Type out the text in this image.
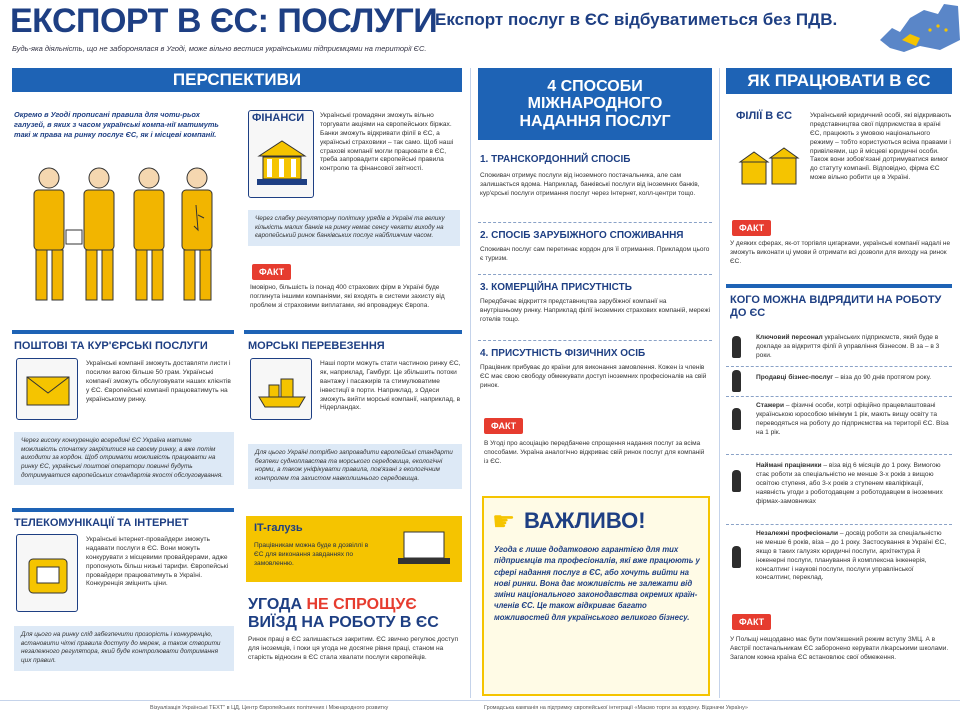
ЕКСПОРТ В ЄС: ПОСЛУГИ
Експорт послуг в ЄС відбуватиметься без ПДВ.
Будь-яка діяльність, що не заборонялася в Угоді, може вільно вестися українськими підприємцями на території ЄС.
ПЕРСПЕКТИВИ	4 СПОСОБИ МІЖНАРОДНОГО НАДАННЯ ПОСЛУГ
ЯК ПРАЦЮВАТИ В ЄС
Окремо в Угоді прописані правила для чоти-рьох галузей, в яких з часом українські компа-нії матимуть такі ж права на ринку послуг ЄС, як і місцеві компанії.
ФІНАНСИ Українські громадяни зможуть вільно торгувати акціями на європейських біржах. Банки зможуть відкривати філії в ЄС, а українські страховики – так само. Щоб наші страхові компанії могли працювати в ЄС, треба запровадити європейські правила контролю та фінансової звітності.
Через слабку регуляторну політику урядів в Україні та велику кількість малих банків на ринку немає сенсу чекати виходу на європейський ринок банківських послуг найближчим часом.
ФАКТ
Імовірно, більшість із понад 400 страхових фірм в Україні буде поглинута іншими компаніями, які входять в системи захисту від проблем зі страховими виплатами, які впроваджує Європа.
ПОШТОВІ ТА КУР'ЄРСЬКІ ПОСЛУГИ
Українські компанії зможуть доставляти листи і посилки вагою більше 50 грам. Українські компанії зможуть обслуговувати наших клієнтів у ЄС. Європейські компанії працюватимуть на українському ринку.
Через високу конкуренцію всередині ЄС Україна матиме можливість спочатку закріпитися на своєму ринку, а вже потім виходити за кордон. Щоб отримати можливість працювати на ринку ЄС, українські поштові оператори повинні будуть дотримуватися європейських стандартів якості обслуговування.
МОРСЬКІ ПЕРЕВЕЗЕННЯ
Наші порти можуть стати частиною ринку ЄС, як, наприклад, Гамбург. Це збільшить потоки вантажу і пасажирів та стимулюватиме інвестиції в порти. Наприклад, з Одеси зможуть вийти морські компанії, наприклад, в Нідерландах.
Для цього Україні потрібно запровадити європейські стандарти безпеки судноплавства та морського середовища, екологічні норми, а також уніфікувати правила, пов'язані з екологічним контролем та захистом навколишнього середовища.
ТЕЛЕКОМУНІКАЦІЇ ТА ІНТЕРНЕТ
Українські інтернет-провайдери зможуть надавати послуги в ЄС. Вони можуть конкурувати з місцевими провайдерами, адже пропонують більш низькі тарифи. Європейські провайдери працюватимуть в Україні. Конкуренція зміцнить ціни.
Для цього на ринку слід забезпечити прозорість і конкуренцію, встановити чіткі правила доступу до мереж, а також створити незалежного регулятора, який буде контролювати дотримання цих правил.
IT-галузь
Працівникам можна буде в дозвіллі в ЄС для виконання завданнях по замовленню.
УГОДА НЕ СПРОЩУЄ
ВИЇЗД НА РОБОТУ В ЄС
Ринок праці в ЄС залишається закритим. ЄС звично регулює доступ для іноземців, і поки ця угода не досягне рівня праці, станом на старість відносин в ЄС стала хвалати послуги європейців.
1. ТРАНСКОРДОННИЙ СПОСІБ
Споживач отримує послуги від іноземного постачальника, але сам залишається вдома. Наприклад, банківські послуги від іноземних банків, кур'єрські послуги отримання послуг через Інтернет, колл-центри тощо.
2. СПОСІБ ЗАРУБІЖНОГО СПОЖИВАННЯ
Споживач послуг сам перетинає кордон для її отримання. Прикладом цього є туризм.
3. КОМЕРЦІЙНА ПРИСУТНІСТЬ
Передбачає відкриття представництва зарубіжної компанії на внутрішньому ринку. Наприклад філії іноземних страхових компаній, мережі готелів тощо.
4. ПРИСУТНІСТЬ ФІЗИЧНИХ ОСІБ
Працівник прибуває до країни для виконання замовлення. Кожен із членів ЄС має свою свободу обмежувати доступ іноземних професіоналів на свій ринок.
ФАКТ
В Угоді про асоціацію передбачене спрощення надання послуг за всіма способами. Україна аналогічно відкриває свій ринок послуг для компаній із ЄС.
☛ ВАЖЛИВО!
Угода є лише додатковою гарантією для тих підприємців та професіоналів, які вже працюють у сфері надання послуг в ЄС, або хочуть вийти на нові ринки. Вона дає можливість не залежати від зміни національного законодавства окремих країн-членів ЄС. Це також відкриває багато можливостей для українського великого бізнесу.
ФІЛІЇ В ЄС	Український юридичний особі, які відкривають представництва свої підприємства в країні ЄС, працюють з умовою національного режиму – тобто користуються всіма правами і привілеями, що й місцеві юридичні особи. Також вони зобов'язані дотримуватися вимог до статуту компанії. Відповідно, фірма ЄС може вільно робити це в Україні.
ФАКТ
У деяких сферах, як-от торгівля цигарками, українські компанії надалі не зможуть виконати ці умови й отримати всі дозволи для виходу на ринок ЄС.
КОГО МОЖНА ВІДРЯДИТИ НА РОБОТУ ДО ЄС
Ключовий персонал українських підприємств, який буде в докладе за відкриття філії й управління бізнесом. В за – в 3 роки.
Продавці бізнес-послуг – віза до 90 днів протягом року.
Стажери – фізичні особи, котрі офіційно працевлаштовані українською юрособою мінімум 1 рік, мають вищу освіту та переводяться на роботу до підприємства на території ЄС. Віза на 1 рік.
Наймані працівники – віза від 6 місяців до 1 року. Вимогою стає роботи за спеціальністю не менше 3-х років з вищою освітою ступеня, або 3-х років з ступенем кваліфікації, наявність угоди з роботодавцем з роботодавцем в іноземних фірмах-замовниках
Незалежні професіонали – досвід роботи за спеціальністю не менше 6 років, віза – до 1 року. Застосування в Україні ЄС, якщо в таких галузях юридичні послуги, архітектура й інженерні послуги, планування й комплексна інженерія, консалтинг і наукові послуги, послуги управлінської консалтинг, переклад.
ФАКТ
У Польщі нещодавно має бути пом'якшений режим вступу ЗМЦ. А в Австрії постачальникам ЄС заборонено керувати лікарськими школами. Загалом кожна країна ЄС встановлює свої обмеження.
Візуалізація Українські ТЕХТ" в ЦД, Центр Європейських політичних і Міжнародного розвитку	Громадська кампанія на підтримку європейської інтеграції «Маємо торги за кордону. Відзначи Україну»
